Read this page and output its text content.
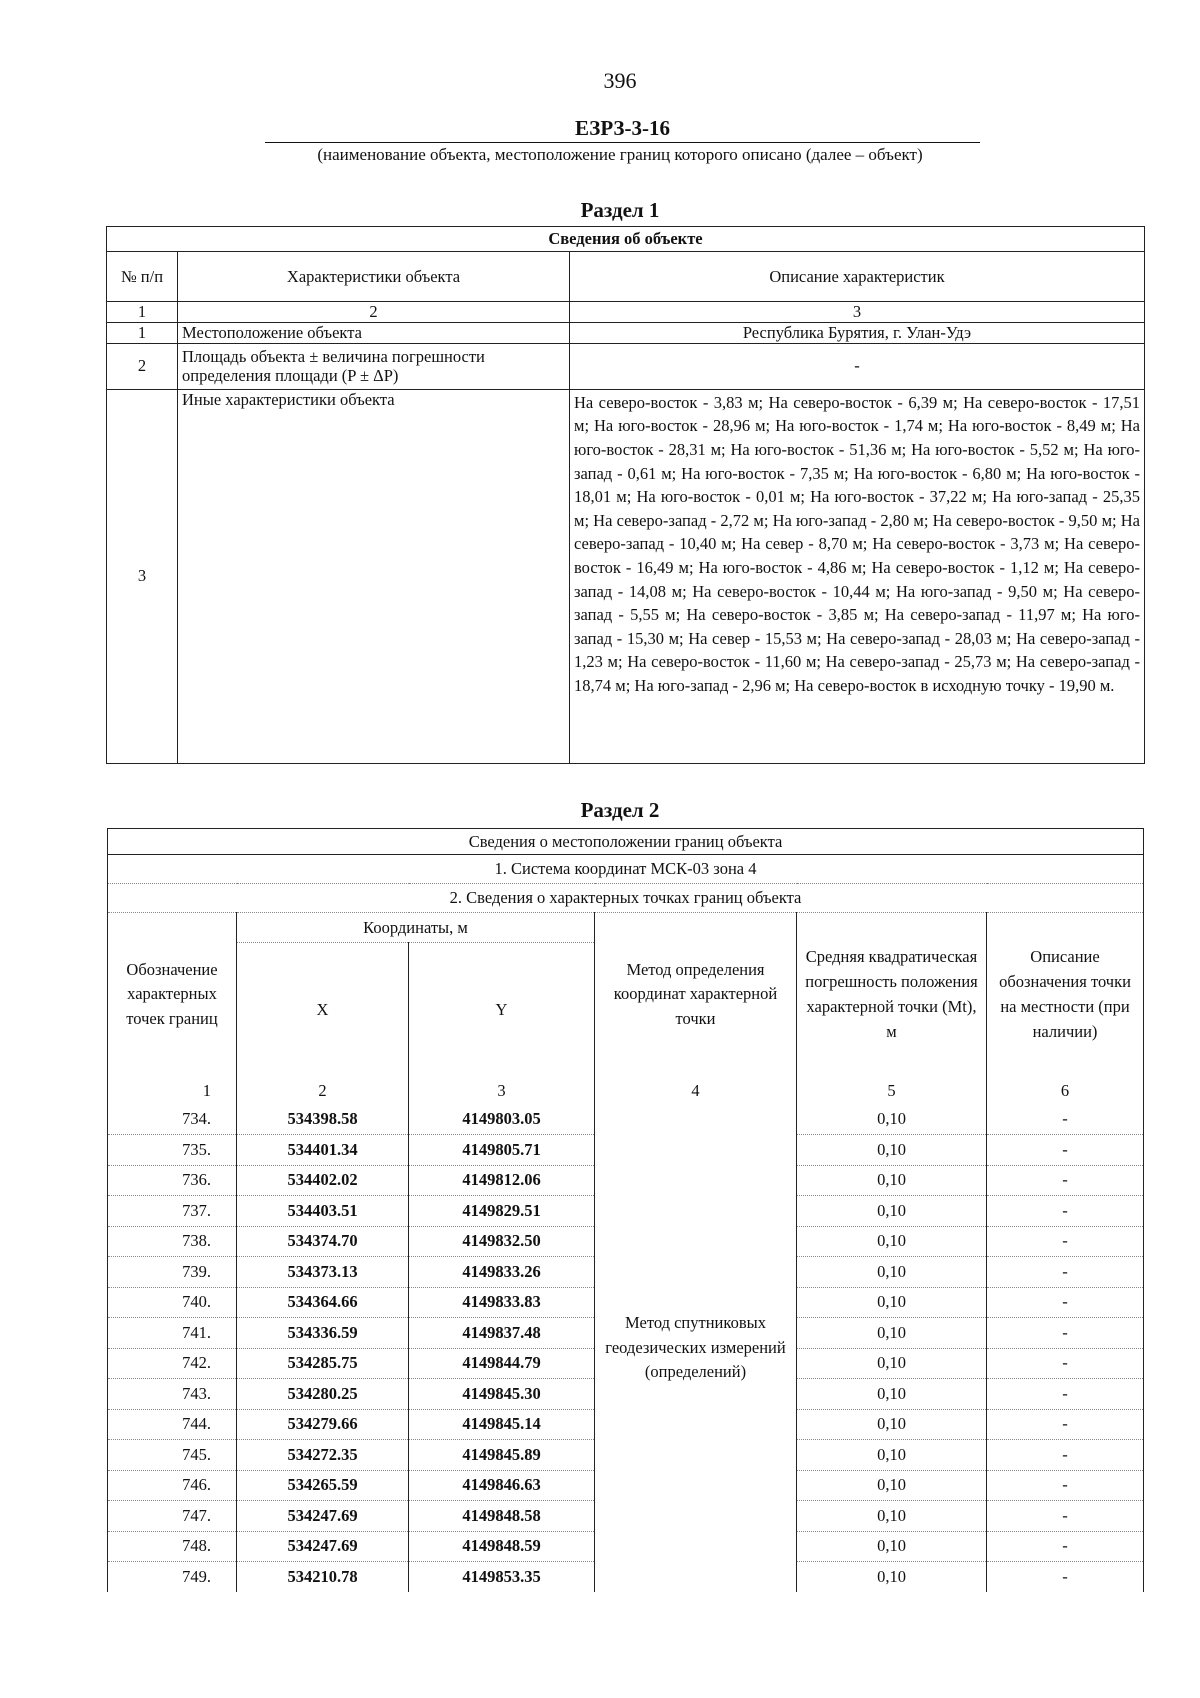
396
ЕЗРЗ-3-16
(наименование объекта, местоположение границ которого описано (далее – объект)
Раздел 1
Сведения об объекте		
№ п/п	Характеристики объекта	Описание характеристик
1	2	3
1	Местоположение объекта	Республика Бурятия, г. Улан-Удэ
2	Площадь объекта ± величина погрешности определения площади (P ± ΔP)	-
3	Иные характеристики объекта	На северо-восток - 3,83 м; На северо-восток - 6,39 м; На северо-восток - 17,51 м; На юго-восток - 28,96 м; На юго-восток - 1,74 м; На юго-восток - 8,49 м; На юго-восток - 28,31 м; На юго-восток - 51,36 м; На юго-восток - 5,52 м; На юго-запад - 0,61 м; На юго-восток - 7,35 м; На юго-восток - 6,80 м; На юго-восток - 18,01 м; На юго-восток - 0,01 м; На юго-восток - 37,22 м; На юго-запад - 25,35 м; На северо-запад - 2,72 м; На юго-запад - 2,80 м; На северо-восток - 9,50 м; На северо-запад - 10,40 м; На север - 8,70 м; На северо-восток - 3,73 м; На северо-восток - 16,49 м; На юго-восток - 4,86 м; На северо-восток - 1,12 м; На северо-запад - 14,08 м; На северо-восток - 10,44 м; На юго-запад - 9,50 м; На северо-запад - 5,55 м; На северо-восток - 3,85 м; На северо-запад - 11,97 м; На юго-запад - 15,30 м; На север - 15,53 м; На северо-запад - 28,03 м; На северо-запад - 1,23 м; На северо-восток - 11,60 м; На северо-запад - 25,73 м; На северо-запад - 18,74 м; На юго-запад - 2,96 м; На северо-восток в исходную точку - 19,90 м.
Раздел 2
Сведения о местоположении границ объекта					
1. Система координат МСК-03 зона 4					
2. Сведения о характерных точках границ объекта					
Обозначение характерных точек границ	Координаты, м		Метод определения координат характерной точки	Средняя квадратическая погрешность положения характерной точки (Mt), м	Описание обозначения точки на местности (при наличии)
	X	Y			
1	2	3	4	5	6
734.	534398.58	4149803.05	Метод спутниковых геодезических измерений (определений)	0,10	-
735.	534401.34	4149805.71		0,10	-
736.	534402.02	4149812.06		0,10	-
737.	534403.51	4149829.51		0,10	-
738.	534374.70	4149832.50		0,10	-
739.	534373.13	4149833.26		0,10	-
740.	534364.66	4149833.83		0,10	-
741.	534336.59	4149837.48		0,10	-
742.	534285.75	4149844.79		0,10	-
743.	534280.25	4149845.30		0,10	-
744.	534279.66	4149845.14		0,10	-
745.	534272.35	4149845.89		0,10	-
746.	534265.59	4149846.63		0,10	-
747.	534247.69	4149848.58		0,10	-
748.	534247.69	4149848.59		0,10	-
749.	534210.78	4149853.35		0,10	-
